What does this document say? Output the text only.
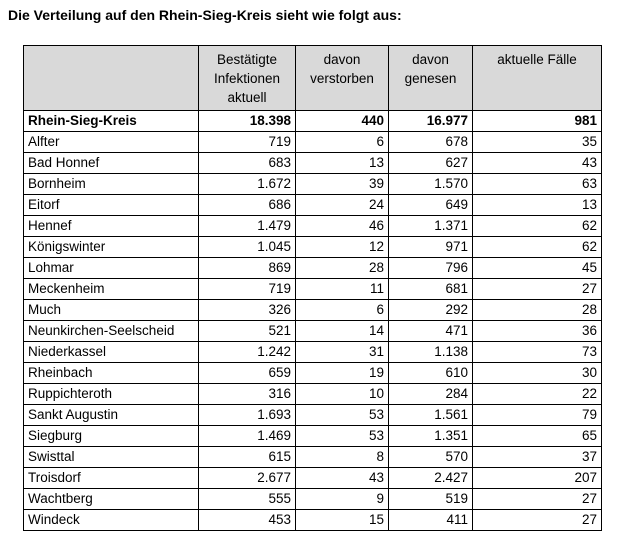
Die Verteilung auf den Rhein-Sieg-Kreis sieht wie folgt aus:
	Bestätigte Infektionen aktuell	davon verstorben	davon genesen	aktuelle Fälle
Rhein-Sieg-Kreis	18.398	440	16.977	981
Alfter	719	6	678	35
Bad Honnef	683	13	627	43
Bornheim	1.672	39	1.570	63
Eitorf	686	24	649	13
Hennef	1.479	46	1.371	62
Königswinter	1.045	12	971	62
Lohmar	869	28	796	45
Meckenheim	719	11	681	27
Much	326	6	292	28
Neunkirchen-Seelscheid	521	14	471	36
Niederkassel	1.242	31	1.138	73
Rheinbach	659	19	610	30
Ruppichteroth	316	10	284	22
Sankt Augustin	1.693	53	1.561	79
Siegburg	1.469	53	1.351	65
Swisttal	615	8	570	37
Troisdorf	2.677	43	2.427	207
Wachtberg	555	9	519	27
Windeck	453	15	411	27
